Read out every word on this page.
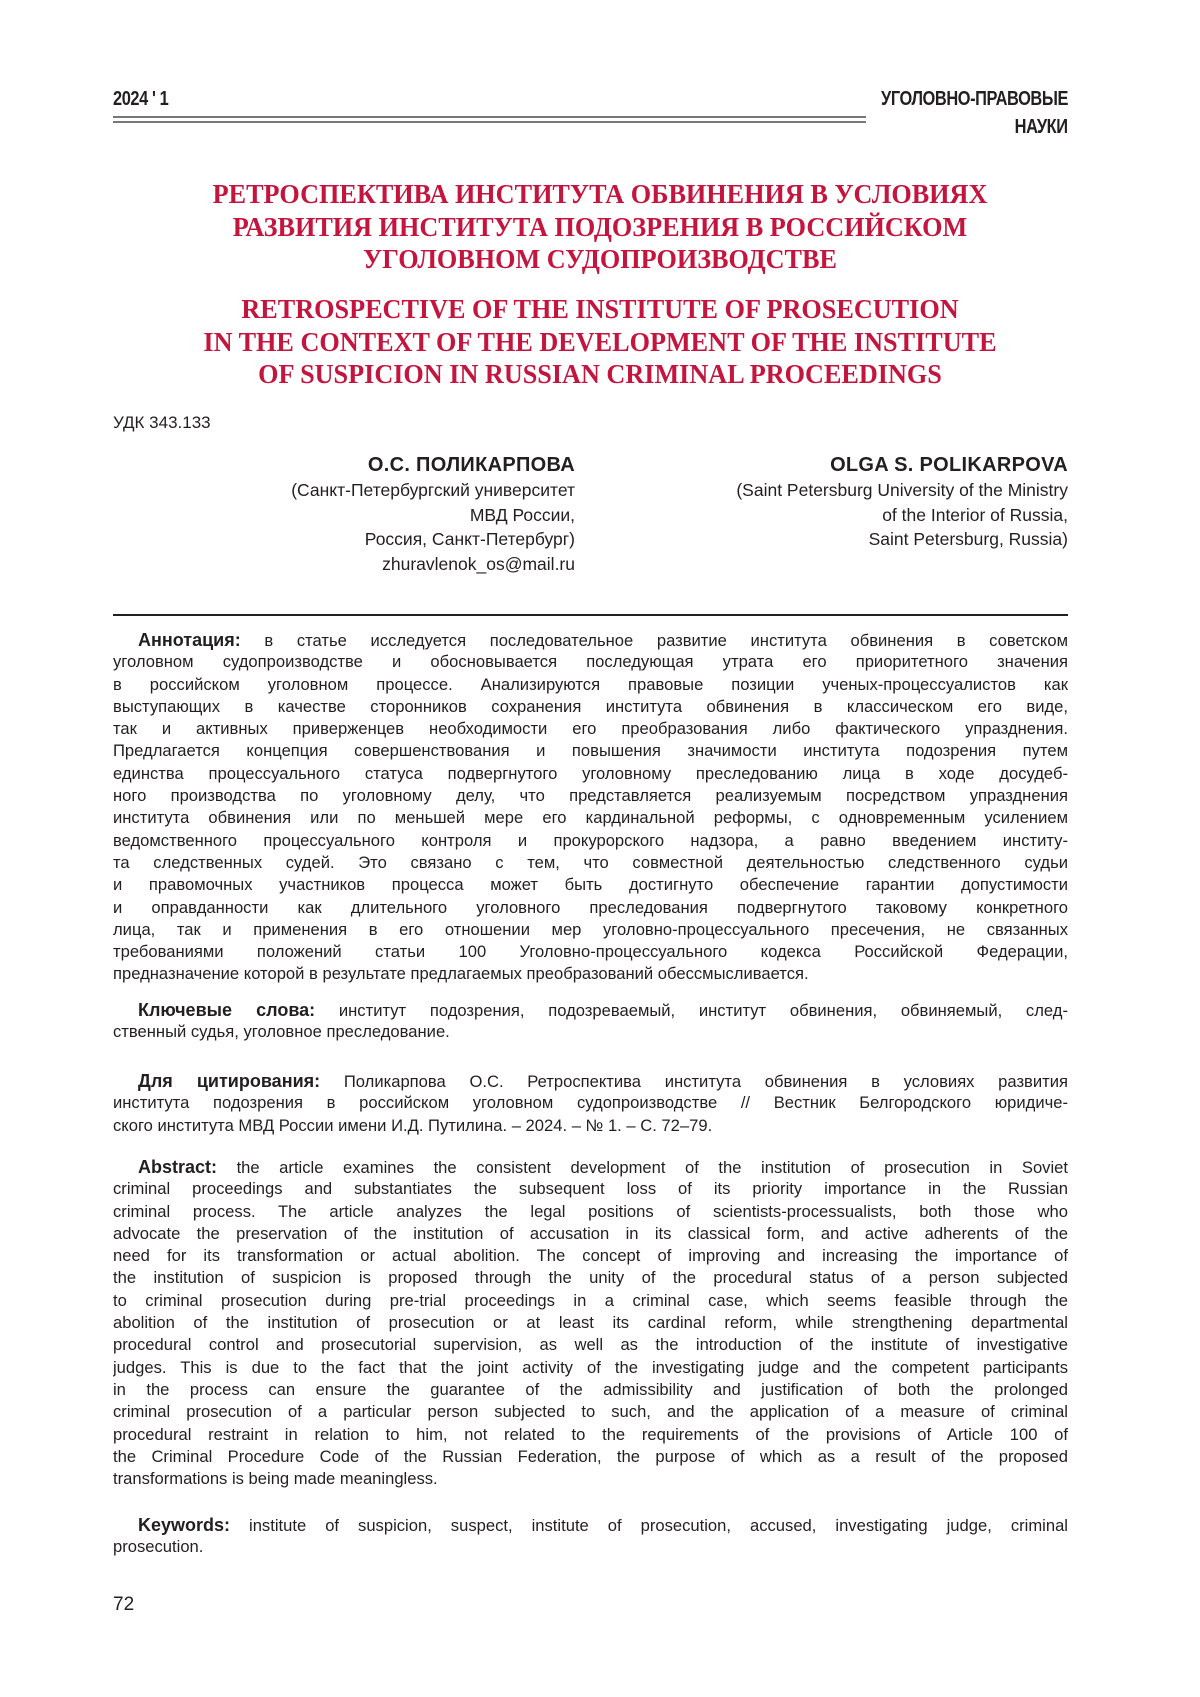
2024 ' 1	УГОЛОВНО-ПРАВОВЫЕ
НАУКИ
РЕТРОСПЕКТИВА ИНСТИТУТА ОБВИНЕНИЯ В УСЛОВИЯХ
РАЗВИТИЯ ИНСТИТУТА ПОДОЗРЕНИЯ В РОССИЙСКОМ
УГОЛОВНОМ СУДОПРОИЗВОДСТВЕ
RETROSPECTIVE OF THE INSTITUTE OF PROSECUTION
IN THE CONTEXT OF THE DEVELOPMENT OF THE INSTITUTE
OF SUSPICION IN RUSSIAN CRIMINAL PROCEEDINGS
УДК 343.133
О.С. ПОЛИКАРПОВА
(Санкт-Петербургский университет
МВД России,
Россия, Санкт-Петербург)
zhuravlenok_os@mail.ru
OLGA S. POLIKARPOVA
(Saint Petersburg University of the Ministry
of the Interior of Russia,
Saint Petersburg, Russia)
Аннотация: в статье исследуется последовательное развитие института обвинения в советском
уголовном судопроизводстве и обосновывается последующая утрата его приоритетного значения
в российском уголовном процессе. Анализируются правовые позиции ученых-процессуалистов как
выступающих в качестве сторонников сохранения института обвинения в классическом его виде,
так и активных приверженцев необходимости его преобразования либо фактического упразднения.
Предлагается концепция совершенствования и повышения значимости института подозрения путем
единства процессуального статуса подвергнутого уголовному преследованию лица в ходе досудеб-
ного производства по уголовному делу, что представляется реализуемым посредством упразднения
института обвинения или по меньшей мере его кардинальной реформы, с одновременным усилением
ведомственного процессуального контроля и прокурорского надзора, а равно введением институ-
та следственных судей. Это связано с тем, что совместной деятельностью следственного судьи
и правомочных участников процесса может быть достигнуто обеспечение гарантии допустимости
и оправданности как длительного уголовного преследования подвергнутого таковому конкретного
лица, так и применения в его отношении мер уголовно-процессуального пресечения, не связанных
требованиями положений статьи 100 Уголовно-процессуального кодекса Российской Федерации,
предназначение которой в результате предлагаемых преобразований обессмысливается.
Ключевые слова: институт подозрения, подозреваемый, институт обвинения, обвиняемый, след-
ственный судья, уголовное преследование.
Для цитирования: Поликарпова О.С. Ретроспектива института обвинения в условиях развития
института подозрения в российском уголовном судопроизводстве // Вестник Белгородского юридиче-
ского института МВД России имени И.Д. Путилина. – 2024. – № 1. – С. 72–79.
Abstract: the article examines the consistent development of the institution of prosecution in Soviet
criminal proceedings and substantiates the subsequent loss of its priority importance in the Russian
criminal process. The article analyzes the legal positions of scientists-processualists, both those who
advocate the preservation of the institution of accusation in its classical form, and active adherents of the
need for its transformation or actual abolition. The concept of improving and increasing the importance of
the institution of suspicion is proposed through the unity of the procedural status of a person subjected
to criminal prosecution during pre-trial proceedings in a criminal case, which seems feasible through the
abolition of the institution of prosecution or at least its cardinal reform, while strengthening departmental
procedural control and prosecutorial supervision, as well as the introduction of the institute of investigative
judges. This is due to the fact that the joint activity of the investigating judge and the competent participants
in the process can ensure the guarantee of the admissibility and justification of both the prolonged
criminal prosecution of a particular person subjected to such, and the application of a measure of criminal
procedural restraint in relation to him, not related to the requirements of the provisions of Article 100 of
the Criminal Procedure Code of the Russian Federation, the purpose of which as a result of the proposed
transformations is being made meaningless.
Keywords: institute of suspicion, suspect, institute of prosecution, accused, investigating judge, criminal
prosecution.
72
